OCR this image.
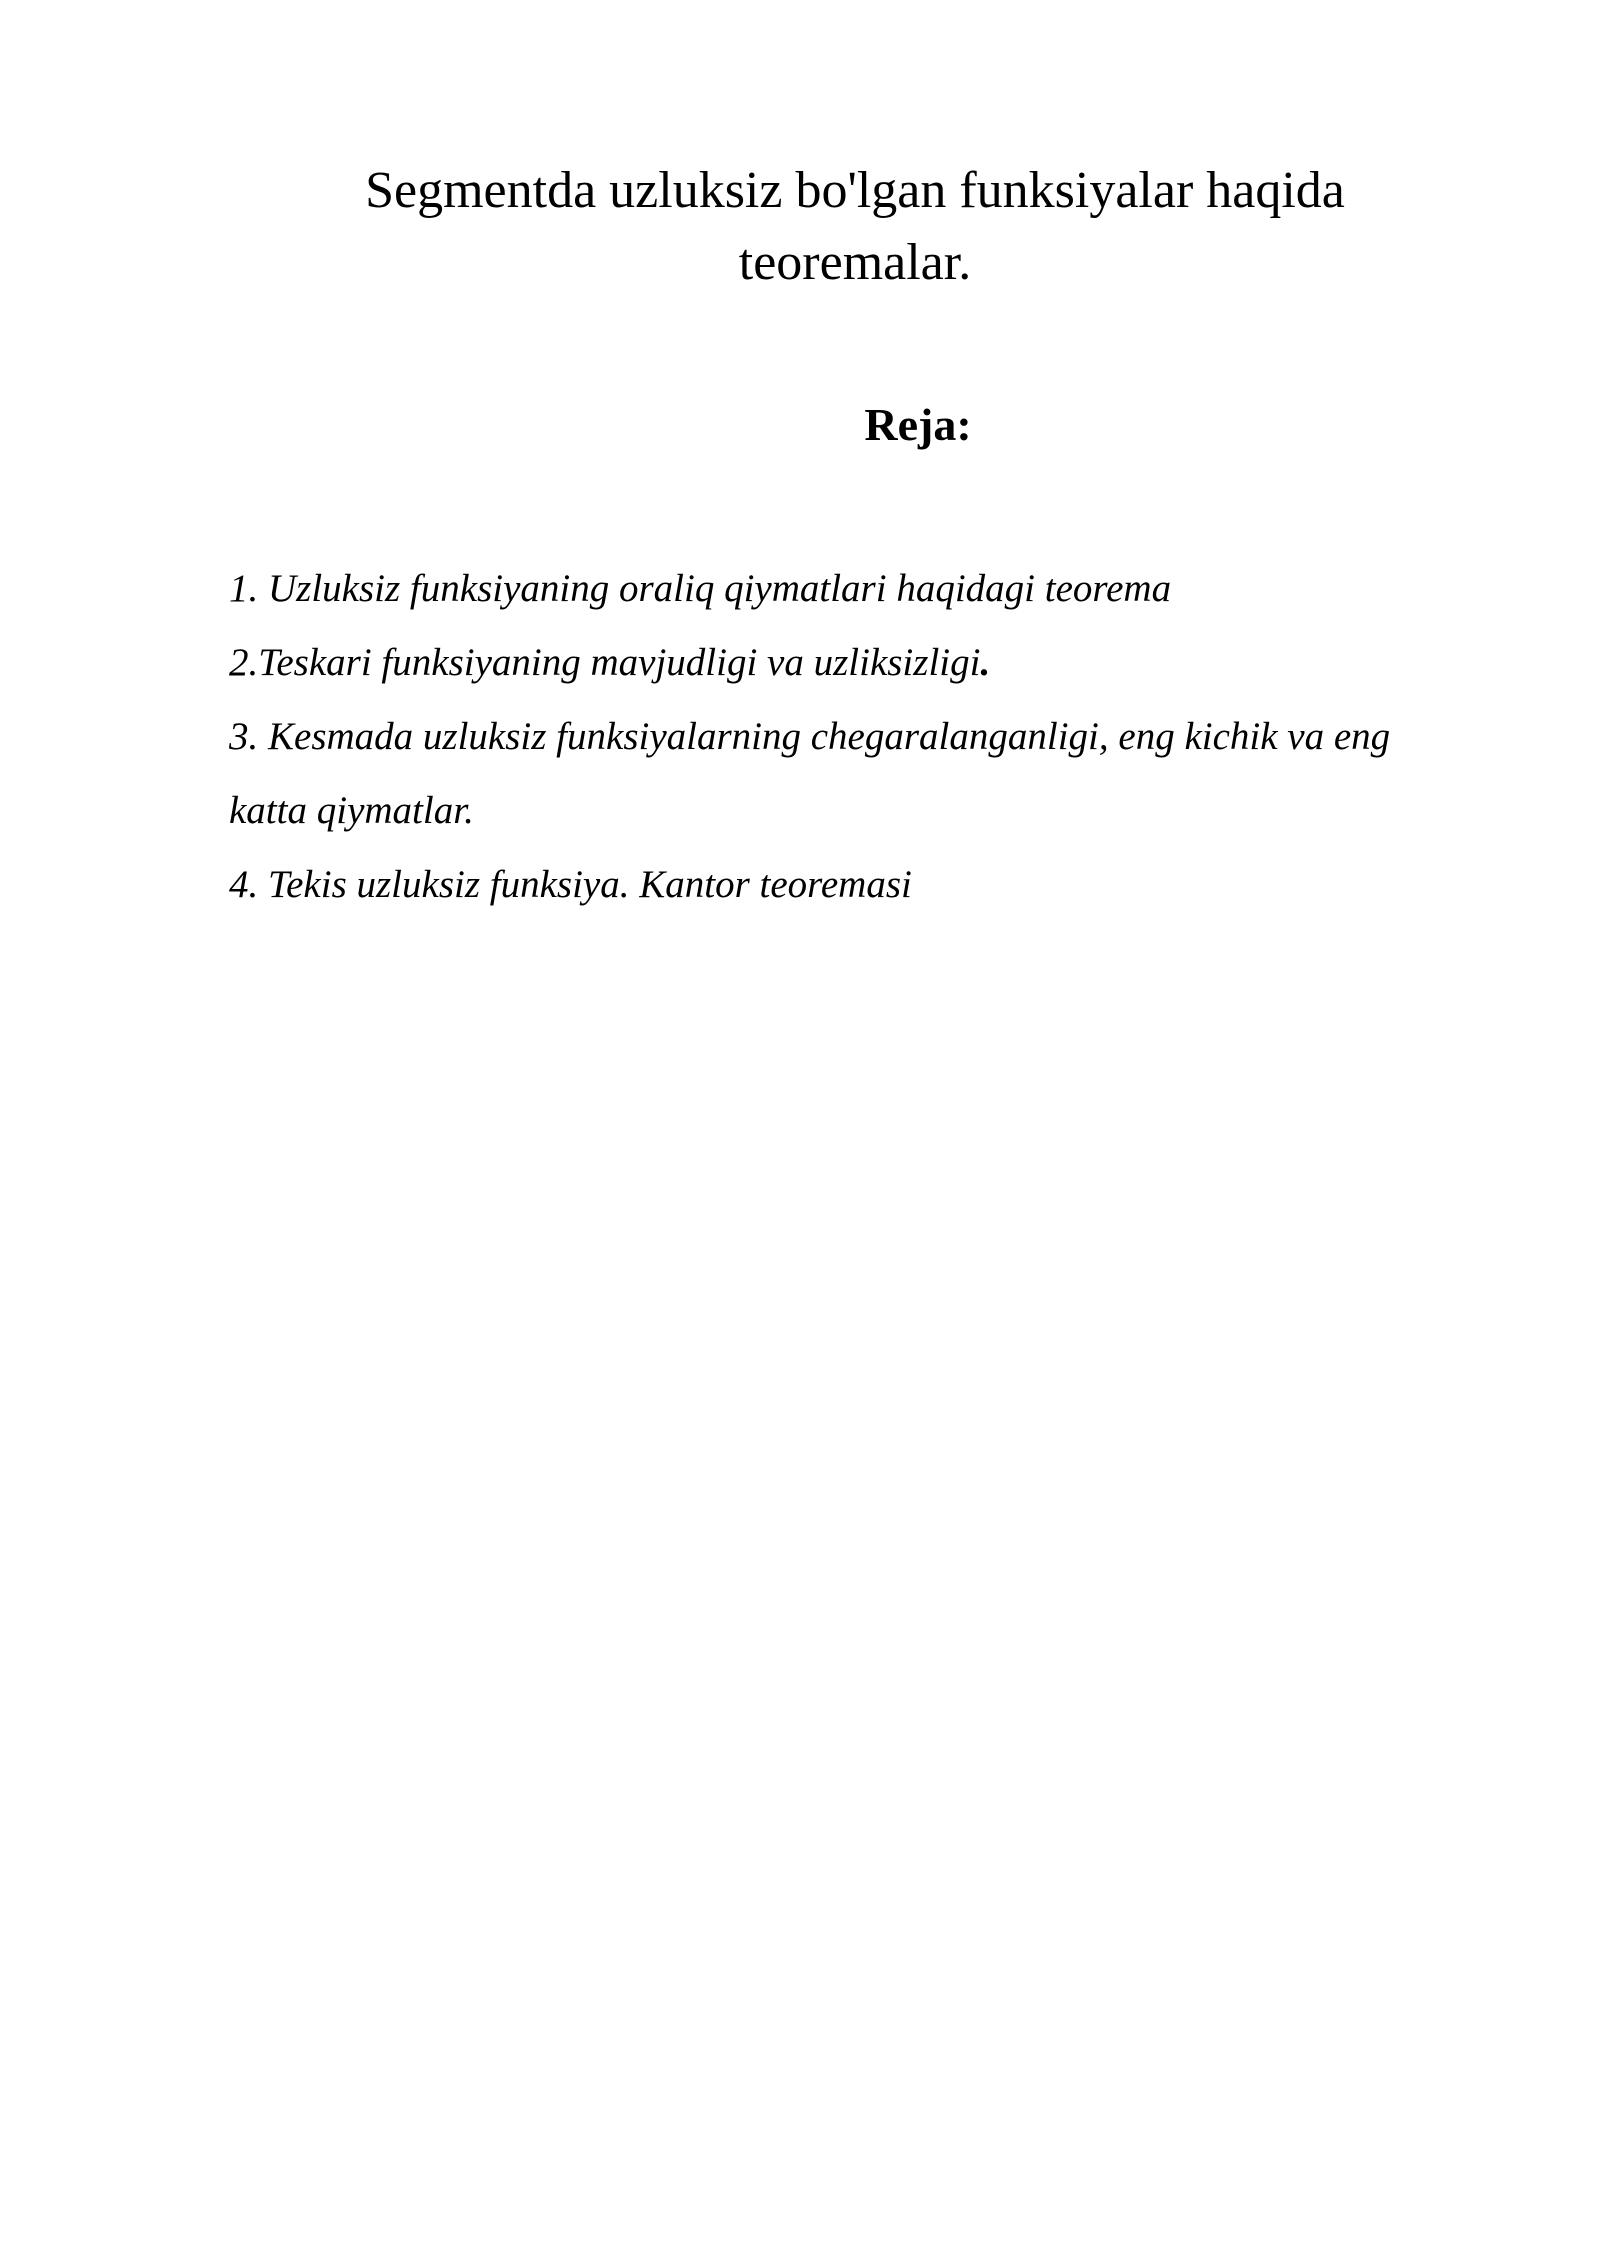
Segmentda uzluksiz bo'lgan funksiyalar haqida
teoremalar.
Reja:
1. Uzluksiz funksiyaning oraliq qiymatlari haqidagi teorema
2.Teskari funksiyaning mavjudligi va uzliksizligi.
3. Kesmada uzluksiz funksiyalarning chegaralanganligi, eng kichik va eng katta qiymatlar.
4. Tekis uzluksiz funksiya. Kantor teoremasi
